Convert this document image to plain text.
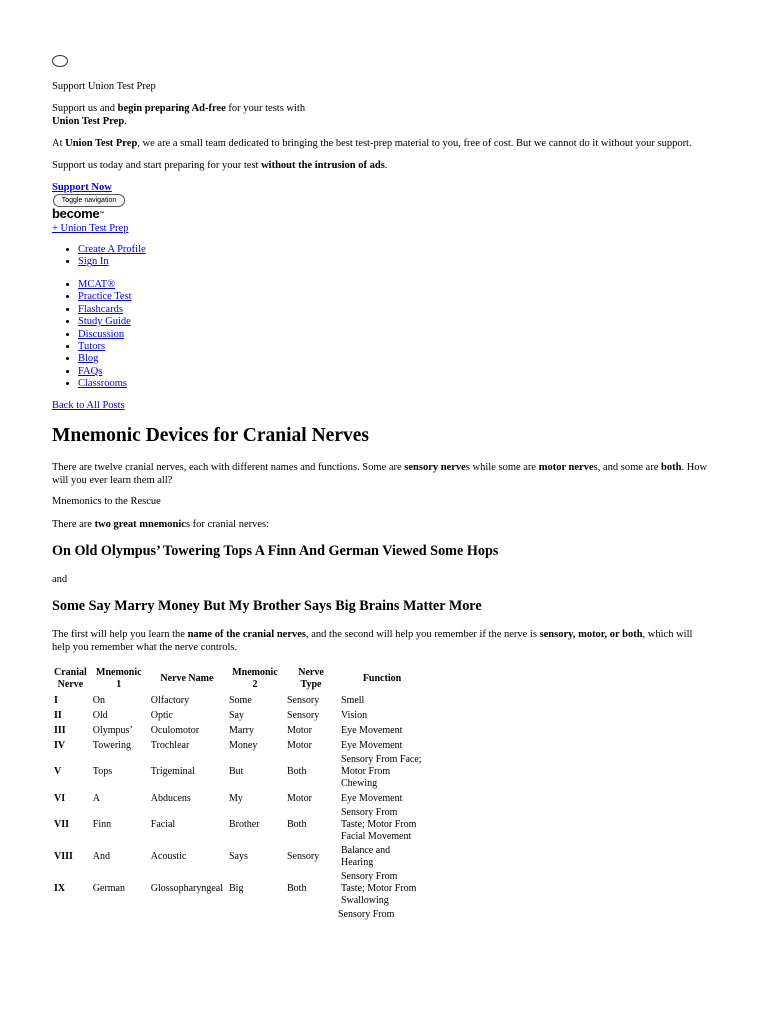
Support Union Test Prep

Support us and begin preparing Ad-free for your tests with
Union Test Prep.

At Union Test Prep, we are a small team dedicated to bringing the best test-prep material to you, free of cost. But we cannot do it without your support.

Support us today and start preparing for your test without the intrusion of ads.

Support Now
Toggle navigation
become™
+ Union Test Prep
• Create A Profile
• Sign In
• MCAT®
• Practice Test
• Flashcards
• Study Guide
• Discussion
• Tutors
• Blog
• FAQs
• Classrooms
Back to All Posts
Mnemonic Devices for Cranial Nerves

There are twelve cranial nerves, each with different names and functions. Some are sensory nerves while some are motor nerves, and some are both. How will you ever learn them all?

Mnemonics to the Rescue

There are two great mnemonics for cranial nerves:

On Old Olympus’ Towering Tops A Finn And German Viewed Some Hops

and

Some Say Marry Money But My Brother Says Big Brains Matter More

The first will help you learn the name of the cranial nerves, and the second will help you remember if the nerve is sensory, motor, or both, which will help you remember what the nerve controls.

Cranial Nerve	Mnemonic 1	Nerve Name	Mnemonic 2	Nerve Type	Function
I	On	Olfactory	Some	Sensory	Smell
II	Old	Optic	Say	Sensory	Vision
III	Olympus’	Oculomotor	Marry	Motor	Eye Movement
IV	Towering	Trochlear	Money	Motor	Eye Movement
V	Tops	Trigeminal	But	Both	Sensory From Face; Motor From Chewing
VI	A	Abducens	My	Motor	Eye Movement
VII	Finn	Facial	Brother	Both	Sensory From Taste; Motor From Facial Movement
VIII	And	Acoustic	Says	Sensory	Balance and Hearing
IX	German	Glossopharyngeal	Big	Both	Sensory From Taste; Motor From Swallowing
Sensory From
